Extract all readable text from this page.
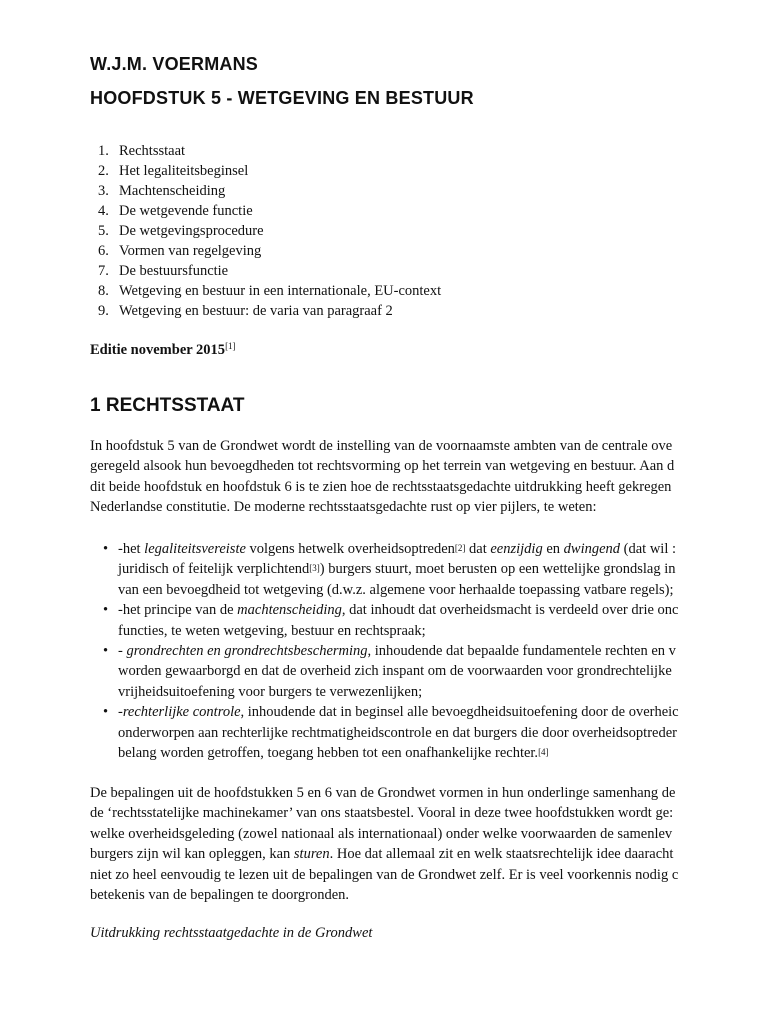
W.J.M. VOERMANS
HOOFDSTUK 5 - WETGEVING EN BESTUUR
1. Rechtsstaat
2. Het legaliteitsbeginsel
3. Machtenscheiding
4. De wetgevende functie
5. De wetgevingsprocedure
6. Vormen van regelgeving
7. De bestuursfunctie
8. Wetgeving en bestuur in een internationale, EU-context
9. Wetgeving en bestuur: de varia van paragraaf 2
Editie november 2015[1]
1 RECHTSSTAAT
In hoofdstuk 5 van de Grondwet wordt de instelling van de voornaamste ambten van de centrale ove
geregeld alsook hun bevoegdheden tot rechtsvorming op het terrein van wetgeving en bestuur. Aan d
dit beide hoofdstuk en hoofdstuk 6 is te zien hoe de rechtsstaatsgedachte uitdrukking heeft gekregen
Nederlandse constitutie. De moderne rechtsstaatsgedachte rust op vier pijlers, te weten:
• -het legaliteitsvereiste volgens hetwelk overheidsoptreden[2] dat eenzijdig en dwingend (dat wil :
juridisch of feitelijk verplichtend[3]) burgers stuurt, moet berusten op een wettelijke grondslag in
van een bevoegdheid tot wetgeving (d.w.z. algemene voor herhaalde toepassing vatbare regels);
• -het principe van de machtenscheiding, dat inhoudt dat overheidsmacht is verdeeld over drie onc
functies, te weten wetgeving, bestuur en rechtspraak;
• - grondrechten en grondrechtsbescherming, inhoudende dat bepaalde fundamentele rechten en v
worden gewaarborgd en dat de overheid zich inspant om de voorwaarden voor grondrechtelijke
vrijheidsuitoefening voor burgers te verwezenlijken;
• -rechterlijke controle, inhoudende dat in beginsel alle bevoegdheidsuitoefening door de overheic
onderworpen aan rechterlijke rechtmatigheidscontrole en dat burgers die door overheidsoptreder
belang worden getroffen, toegang hebben tot een onafhankelijke rechter.[4]
De bepalingen uit de hoofdstukken 5 en 6 van de Grondwet vormen in hun onderlinge samenhang de
de ‘rechtsstatelijke machinekamer’ van ons staatsbestel. Vooral in deze twee hoofdstukken wordt ge:
welke overheidsgeleding (zowel nationaal als internationaal) onder welke voorwaarden de samenlev
burgers zijn wil kan opleggen, kan sturen. Hoe dat allemaal zit en welk staatsrechtelijk idee daaracht
niet zo heel eenvoudig te lezen uit de bepalingen van de Grondwet zelf. Er is veel voorkennis nodig c
betekenis van de bepalingen te doorgronden.
Uitdrukking rechtsstaatgedachte in de Grondwet
